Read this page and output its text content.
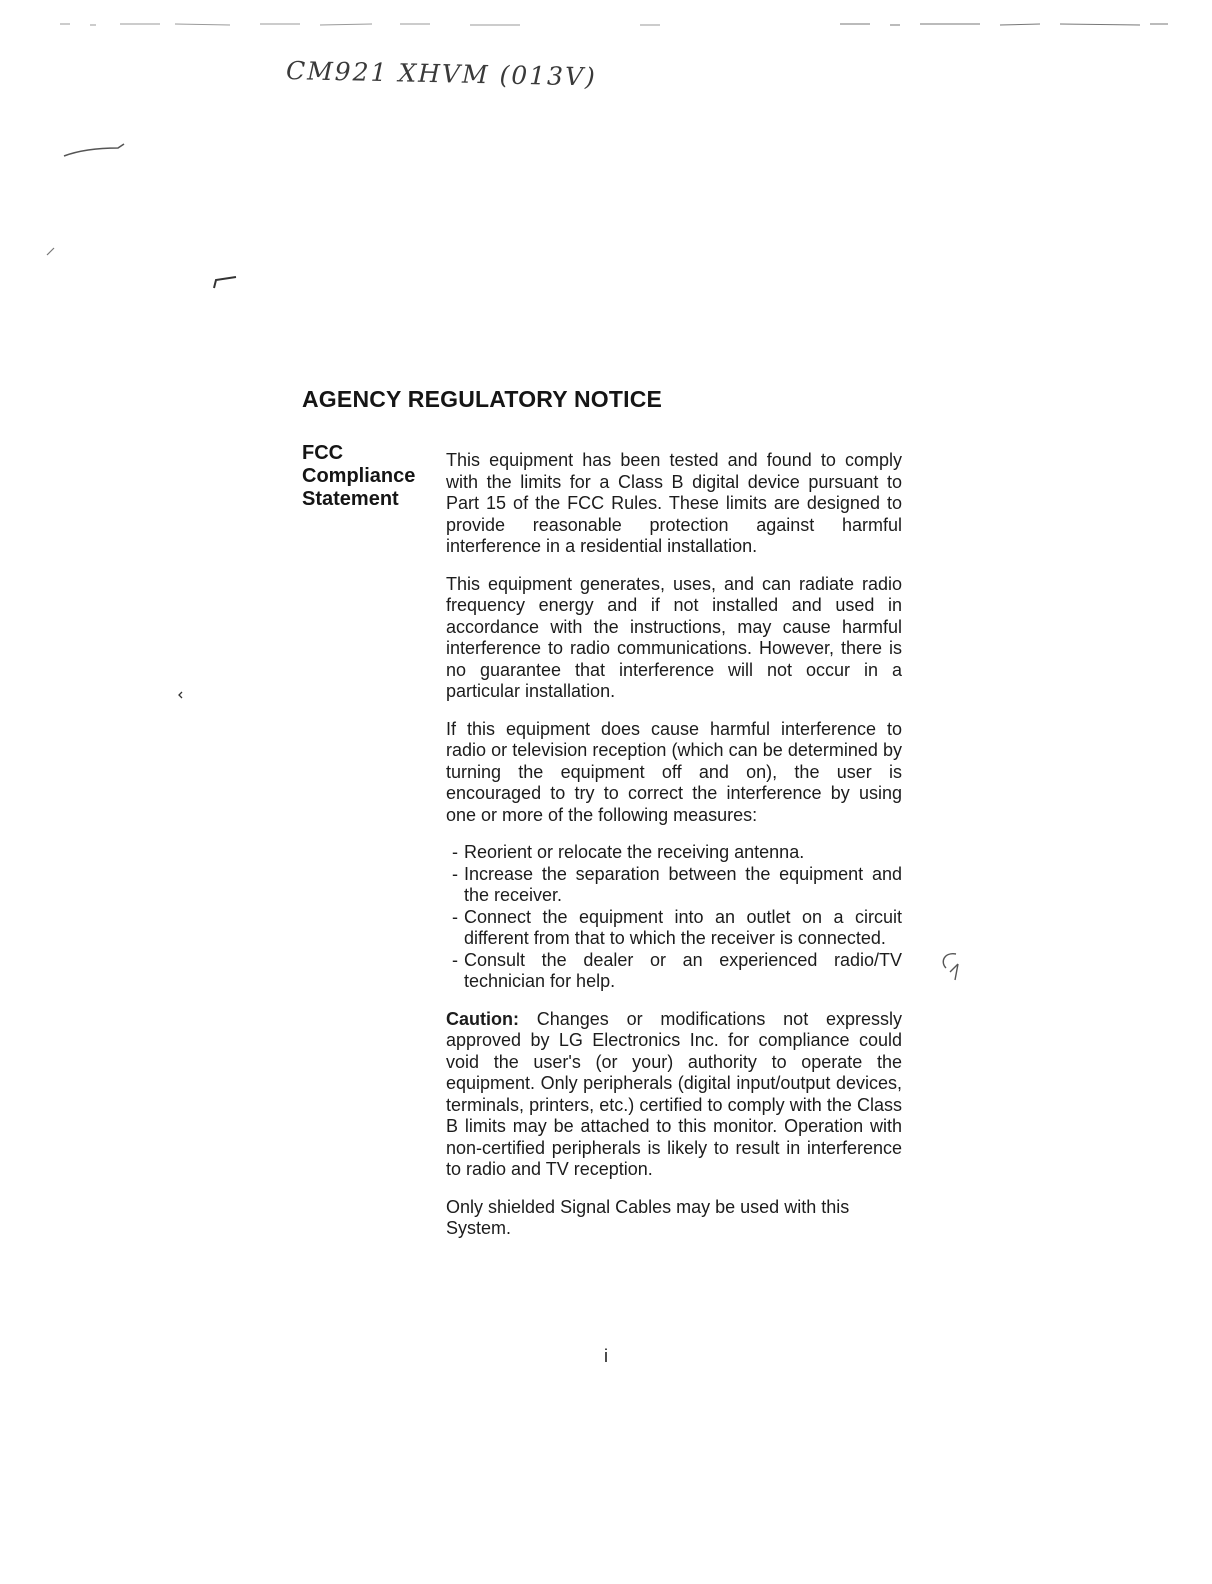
CM921 XHVM (013V)
AGENCY REGULATORY NOTICE
FCC
Compliance
Statement

This equipment has been tested and found to comply with the limits for a Class B digital device pursuant to Part 15 of the FCC Rules. These limits are designed to provide reasonable protection against harmful interference in a residential installation.

This equipment generates, uses, and can radiate radio frequency energy and if not installed and used in accordance with the instructions, may cause harmful interference to radio communications. However, there is no guarantee that interference will not occur in a particular installation.

If this equipment does cause harmful interference to radio or television reception (which can be determined by turning the equipment off and on), the user is encouraged to try to correct the interference by using one or more of the following measures:

- Reorient or relocate the receiving antenna.
- Increase the separation between the equipment and the receiver.
- Connect the equipment into an outlet on a circuit different from that to which the receiver is connected.
- Consult the dealer or an experienced radio/TV technician for help.

Caution: Changes or modifications not expressly approved by LG Electronics Inc. for compliance could void the user's (or your) authority to operate the equipment. Only peripherals (digital input/output devices, terminals, printers, etc.) certified to comply with the Class B limits may be attached to this monitor. Operation with non-certified peripherals is likely to result in interference to radio and TV reception.

Only shielded Signal Cables may be used with this System.

i
